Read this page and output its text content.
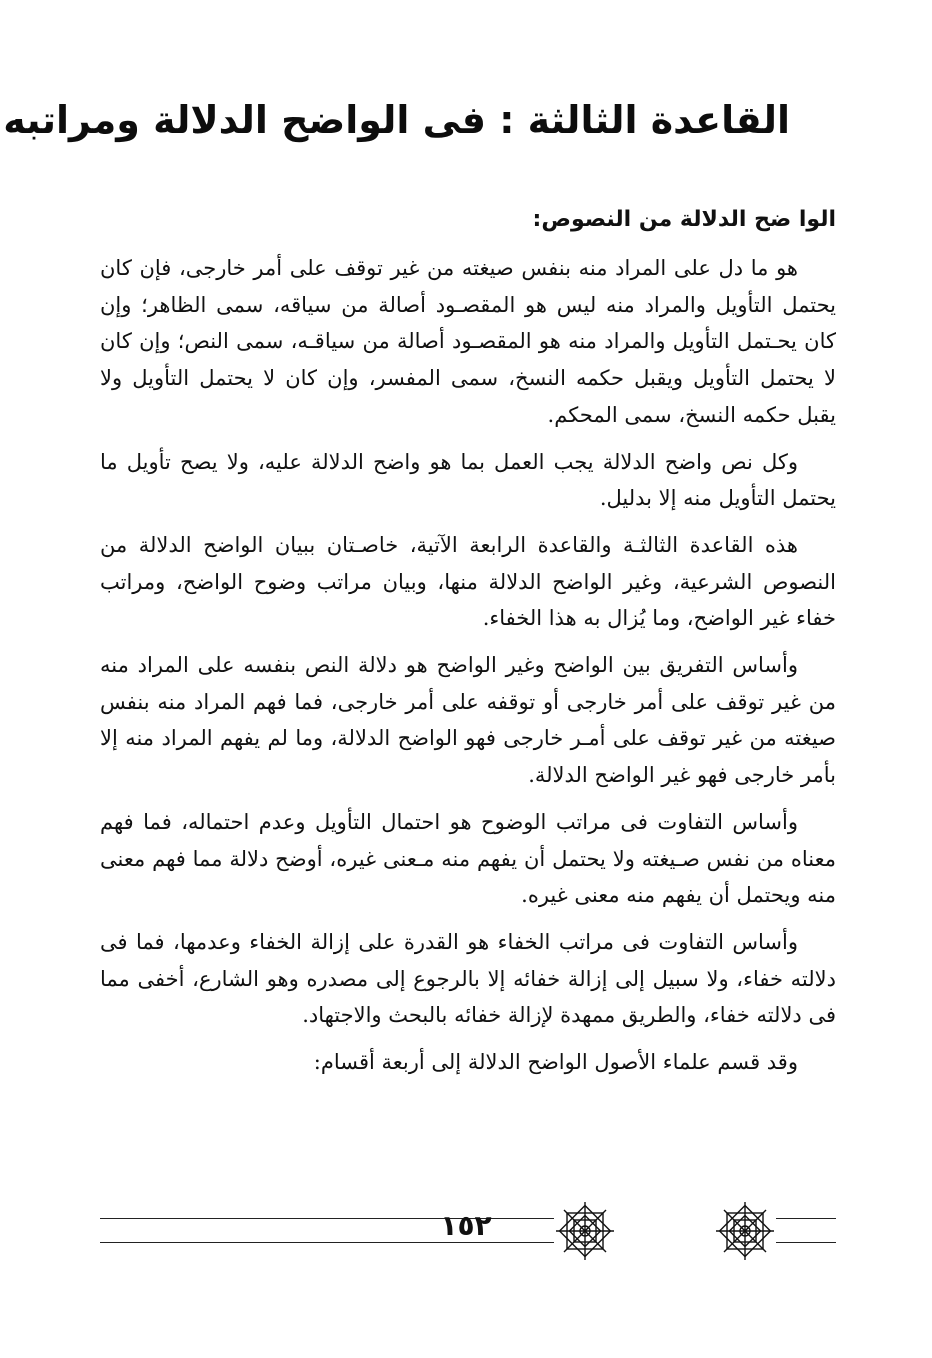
القاعدة الثالثة : فى الواضح الدلالة ومراتبه
الوا ضح الدلالة من النصوص:

هو ما دل على المراد منه بنفس صيغته من غير توقف على أمر خارجى، فإن كان يحتمل التأويل والمراد منه ليس هو المقصـود أصالة من سياقه، سمى الظاهر؛ وإن كان يحـتمل التأويل والمراد منه هو المقصـود أصالة من سياقـه، سمى النص؛ وإن كان لا يحتمل التأويل ويقبل حكمه النسخ، سمى المفسر، وإن كان لا يحتمل التأويل ولا يقبل حكمه النسخ، سمى المحكم.

وكل نص واضح الدلالة يجب العمل بما هو واضح الدلالة عليه، ولا يصح تأويل ما يحتمل التأويل منه إلا بدليل.

هذه القاعدة الثالثـة والقاعدة الرابعة الآتية، خاصـتان ببيان الواضح الدلالة من النصوص الشرعية، وغير الواضح الدلالة منها، وبيان مراتب وضوح الواضح، ومراتب خفاء غير الواضح، وما يُزال به هذا الخفاء.

وأساس التفريق بين الواضح وغير الواضح هو دلالة النص بنفسه على المراد منه من غير توقف على أمر خارجى أو توقفه على أمر خارجى، فما فهم المراد منه بنفس صيغته من غير توقف على أمـر خارجى فهو الواضح الدلالة، وما لم يفهم المراد منه إلا بأمر خارجى فهو غير الواضح الدلالة.

وأساس التفاوت فى مراتب الوضوح هو احتمال التأويل وعدم احتماله، فما فهم معناه من نفس صـيغته ولا يحتمل أن يفهم منه مـعنى غيره، أوضح دلالة مما فهم معنى منه ويحتمل أن يفهم منه معنى غيره.

وأساس التفاوت فى مراتب الخفاء هو القدرة على إزالة الخفاء وعدمها، فما فى دلالته خفاء، ولا سبيل إلى إزالة خفائه إلا بالرجوع إلى مصدره وهو الشارع، أخفى مما فى دلالته خفاء، والطريق ممهدة لإزالة خفائه بالبحث والاجتهاد.

وقد قسم علماء الأصول الواضح الدلالة إلى أربعة أقسام:

١٥٢
